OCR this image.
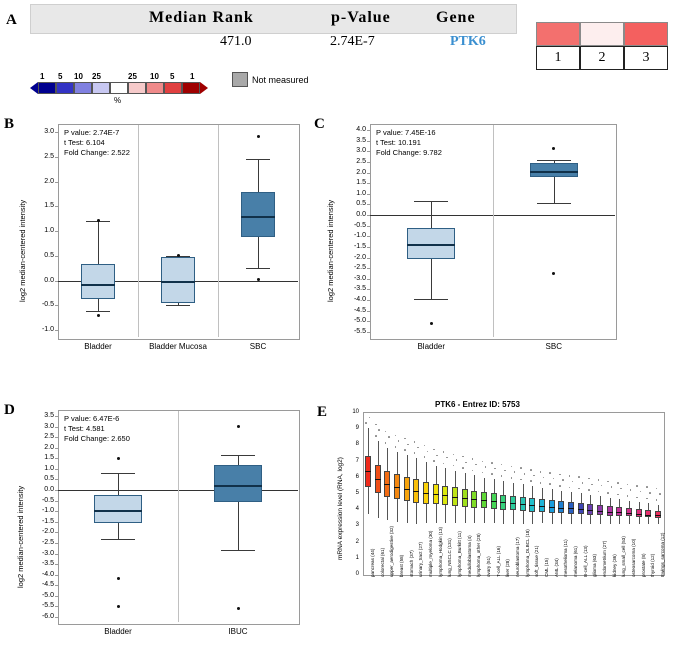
A	Median Rank	p-Value	Gene
471.0	2.74E-7	PTK6
1 5 10 25	25 10 5 1
%
Not measured
1	2	3
B
P value: 2.74E-7
t Test: 6.104
Fold Change: 2.522
log2 median-centered intensity
3.0
2.5
2.0
1.5
1.0
0.5
0.0
-0.5
-1.0
Bladder	Bladder Mucosa	SBC
C
P value: 7.45E-16
t Test: 10.191
Fold Change: 9.782
log2 median-centered intensity
4.0
3.5
3.0
2.5
2.0
1.5
1.0
0.5
0.0
-0.5
-1.0
-1.5
-2.0
-2.5
-3.0
-3.5
-4.0
-4.5
-5.0
-5.5
Bladder	SBC
D
P value: 6.47E-6
t Test: 4.581
Fold Change: 2.650
log2 median-centered intensity
3.5
3.0
2.5
2.0
1.5
1.0
0.5
0.0
-0.5
-1.0
-1.5
-2.0
-2.5
-3.0
-3.5
-4.0
-4.5
-5.0
-5.5
-6.0
Bladder	IBUC
E	PTK6 - Entrez ID: 5753
mRNA expression level (RNA, log2)
10
9
8
7
6
5
4
3
2
1
0 pancreas (44) colorectal (61) upper_aerodigestive (32) breast (58) stomach (37) urinary_tract (27) multiple_myeloma (30) lymphoma_Hodgkin (13) lung_NSCLC (131) lymphoma_Burkitt (11) medulloblastoma (4) lymphoma_other (28) ovary (51) T-cell_ALL (16) liver (28) neuroblastoma (17) lymphoma_DLBCL (18) soft_tissue (21) CML (15) AML (34) mesothelioma (11) melanoma (61) B-cell_ALL (13) glioma (63) endometrium (27) kidney (36) lung_small_cell (53) osteosarcoma (10) prostate (8) thyroid (12) Ewings_sarcoma (12)
